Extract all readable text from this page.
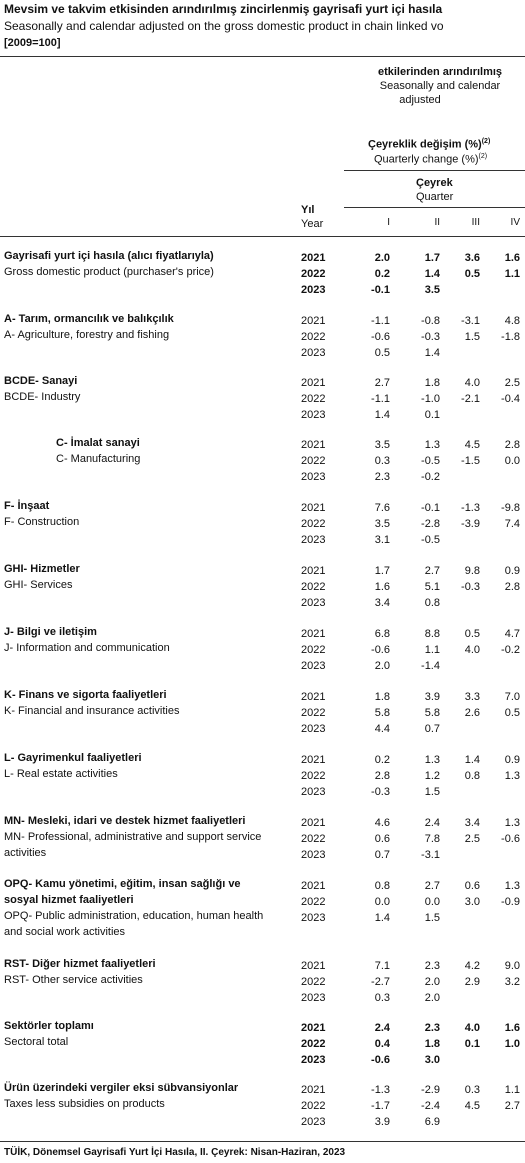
Mevsim ve takvim etkisinden arındırılmış zincirlenmiş gayrisafi yurt içi hasıla
Seasonally and calendar adjusted on the gross domestic product in chain linked vo
[2009=100]
etkilerinden arındırılmış
Seasonally and calendar
adjusted
Çeyreklik değişim (%)$^{(2)}$
Quarterly change (%)$^{(2)}$
Çeyrek
Quarter
Yıl
Year	I	II	III	IV
Gayrisafi yurt içi hasıla (alıcı fiyatlarıyla)
Gross domestic product (purchaser's price)
2021	2.0	1.7	3.6	1.6
2022	0.2	1.4	0.5	1.1
2023	-0.1	3.5
A- Tarım, ormancılık ve balıkçılık
A- Agriculture, forestry and fishing
2021	-1.1	-0.8	-3.1	4.8
2022	-0.6	-0.3	1.5	-1.8
2023	0.5	1.4
BCDE- Sanayi
BCDE- Industry
2021	2.7	1.8	4.0	2.5
2022	-1.1	-1.0	-2.1	-0.4
2023	1.4	0.1
C- İmalat sanayi
C- Manufacturing
2021	3.5	1.3	4.5	2.8
2022	0.3	-0.5	-1.5	0.0
2023	2.3	-0.2
F- İnşaat
F- Construction
2021	7.6	-0.1	-1.3	-9.8
2022	3.5	-2.8	-3.9	7.4
2023	3.1	-0.5
GHI- Hizmetler
GHI- Services
2021	1.7	2.7	9.8	0.9
2022	1.6	5.1	-0.3	2.8
2023	3.4	0.8
J- Bilgi ve iletişim
J- Information and communication
2021	6.8	8.8	0.5	4.7
2022	-0.6	1.1	4.0	-0.2
2023	2.0	-1.4
K- Finans ve sigorta faaliyetleri
K- Financial and insurance activities
2021	1.8	3.9	3.3	7.0
2022	5.8	5.8	2.6	0.5
2023	4.4	0.7
L- Gayrimenkul faaliyetleri
L- Real estate activities
2021	0.2	1.3	1.4	0.9
2022	2.8	1.2	0.8	1.3
2023	-0.3	1.5
MN- Mesleki, idari ve destek hizmet faaliyetleri
MN- Professional, administrative and support service
activities
2021	4.6	2.4	3.4	1.3
2022	0.6	7.8	2.5	-0.6
2023	0.7	-3.1
OPQ- Kamu yönetimi, eğitim, insan sağlığı ve
sosyal hizmet faaliyetleri
OPQ- Public administration, education, human health
and social work activities
2021	0.8	2.7	0.6	1.3
2022	0.0	0.0	3.0	-0.9
2023	1.4	1.5
RST- Diğer hizmet faaliyetleri
RST- Other service activities
2021	7.1	2.3	4.2	9.0
2022	-2.7	2.0	2.9	3.2
2023	0.3	2.0
Sektörler toplamı
Sectoral total
2021	2.4	2.3	4.0	1.6
2022	0.4	1.8	0.1	1.0
2023	-0.6	3.0
Ürün üzerindeki vergiler eksi sübvansiyonlar
Taxes less subsidies on products
2021	-1.3	-2.9	0.3	1.1
2022	-1.7	-2.4	4.5	2.7
2023	3.9	6.9
TÜİK, Dönemsel Gayrisafi Yurt İçi Hasıla, II. Çeyrek: Nisan-Haziran, 2023
